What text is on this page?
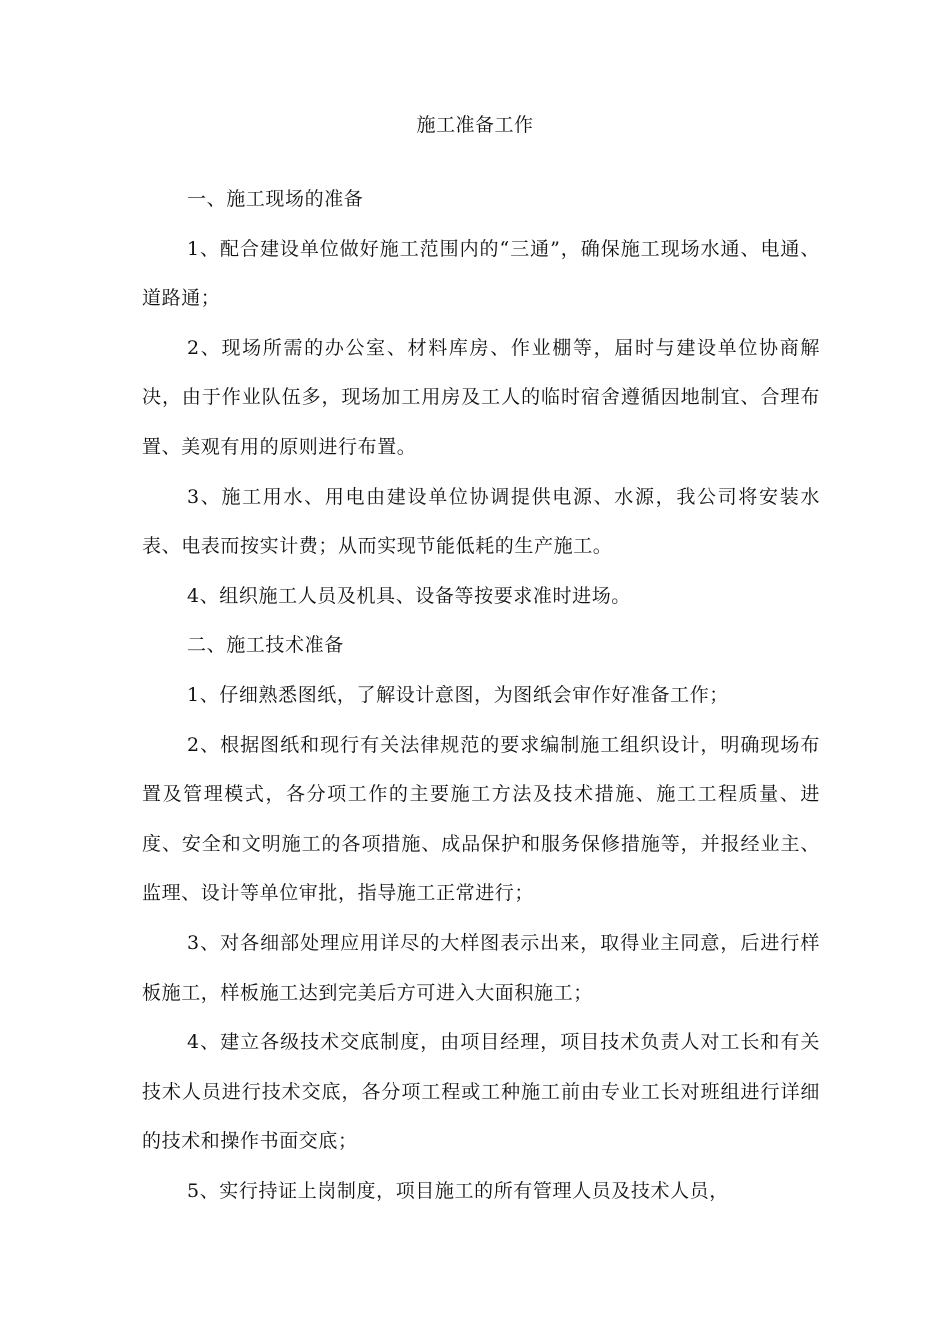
施工准备工作

一、施工现场的准备

1、配合建设单位做好施工范围内的“三通”，确保施工现场水通、电通、道路通；

2、现场所需的办公室、材料库房、作业棚等，届时与建设单位协商解决，由于作业队伍多，现场加工用房及工人的临时宿舍遵循因地制宜、合理布置、美观有用的原则进行布置。

3、施工用水、用电由建设单位协调提供电源、水源，我公司将安装水表、电表而按实计费；从而实现节能低耗的生产施工。

4、组织施工人员及机具、设备等按要求准时进场。

二、施工技术准备

1、仔细熟悉图纸，了解设计意图，为图纸会审作好准备工作；

2、根据图纸和现行有关法律规范的要求编制施工组织设计，明确现场布置及管理模式，各分项工作的主要施工方法及技术措施、施工工程质量、进度、安全和文明施工的各项措施、成品保护和服务保修措施等，并报经业主、监理、设计等单位审批，指导施工正常进行；

3、对各细部处理应用详尽的大样图表示出来，取得业主同意，后进行样板施工，样板施工达到完美后方可进入大面积施工；

4、建立各级技术交底制度，由项目经理，项目技术负责人对工长和有关技术人员进行技术交底，各分项工程或工种施工前由专业工长对班组进行详细的技术和操作书面交底；

5、实行持证上岗制度，项目施工的所有管理人员及技术人员，
